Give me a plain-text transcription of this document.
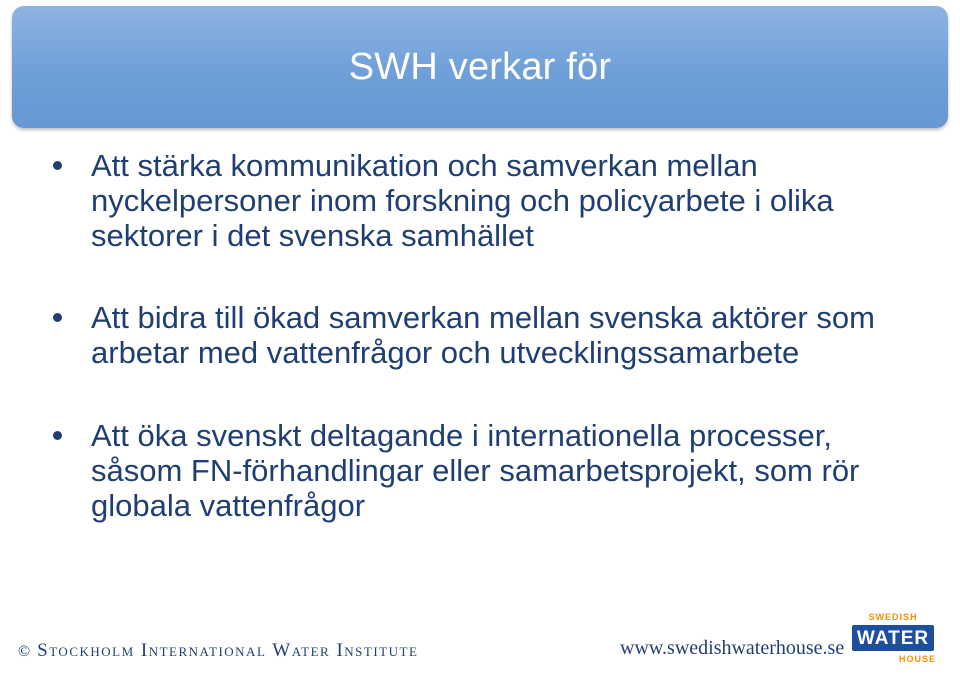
SWH verkar för
Att stärka kommunikation och samverkan mellan nyckelpersoner inom forskning och policyarbete i olika sektorer i det svenska samhället
Att bidra till ökad samverkan mellan svenska aktörer som arbetar med vattenfrågor och utvecklingssamarbete
Att öka svenskt deltagande i internationella processer, såsom FN-förhandlingar eller samarbetsprojekt, som rör globala vattenfrågor
© Stockholm International Water Institute	www.swedishwaterhouse.se
SWEDISH
WATER
HOUSE
